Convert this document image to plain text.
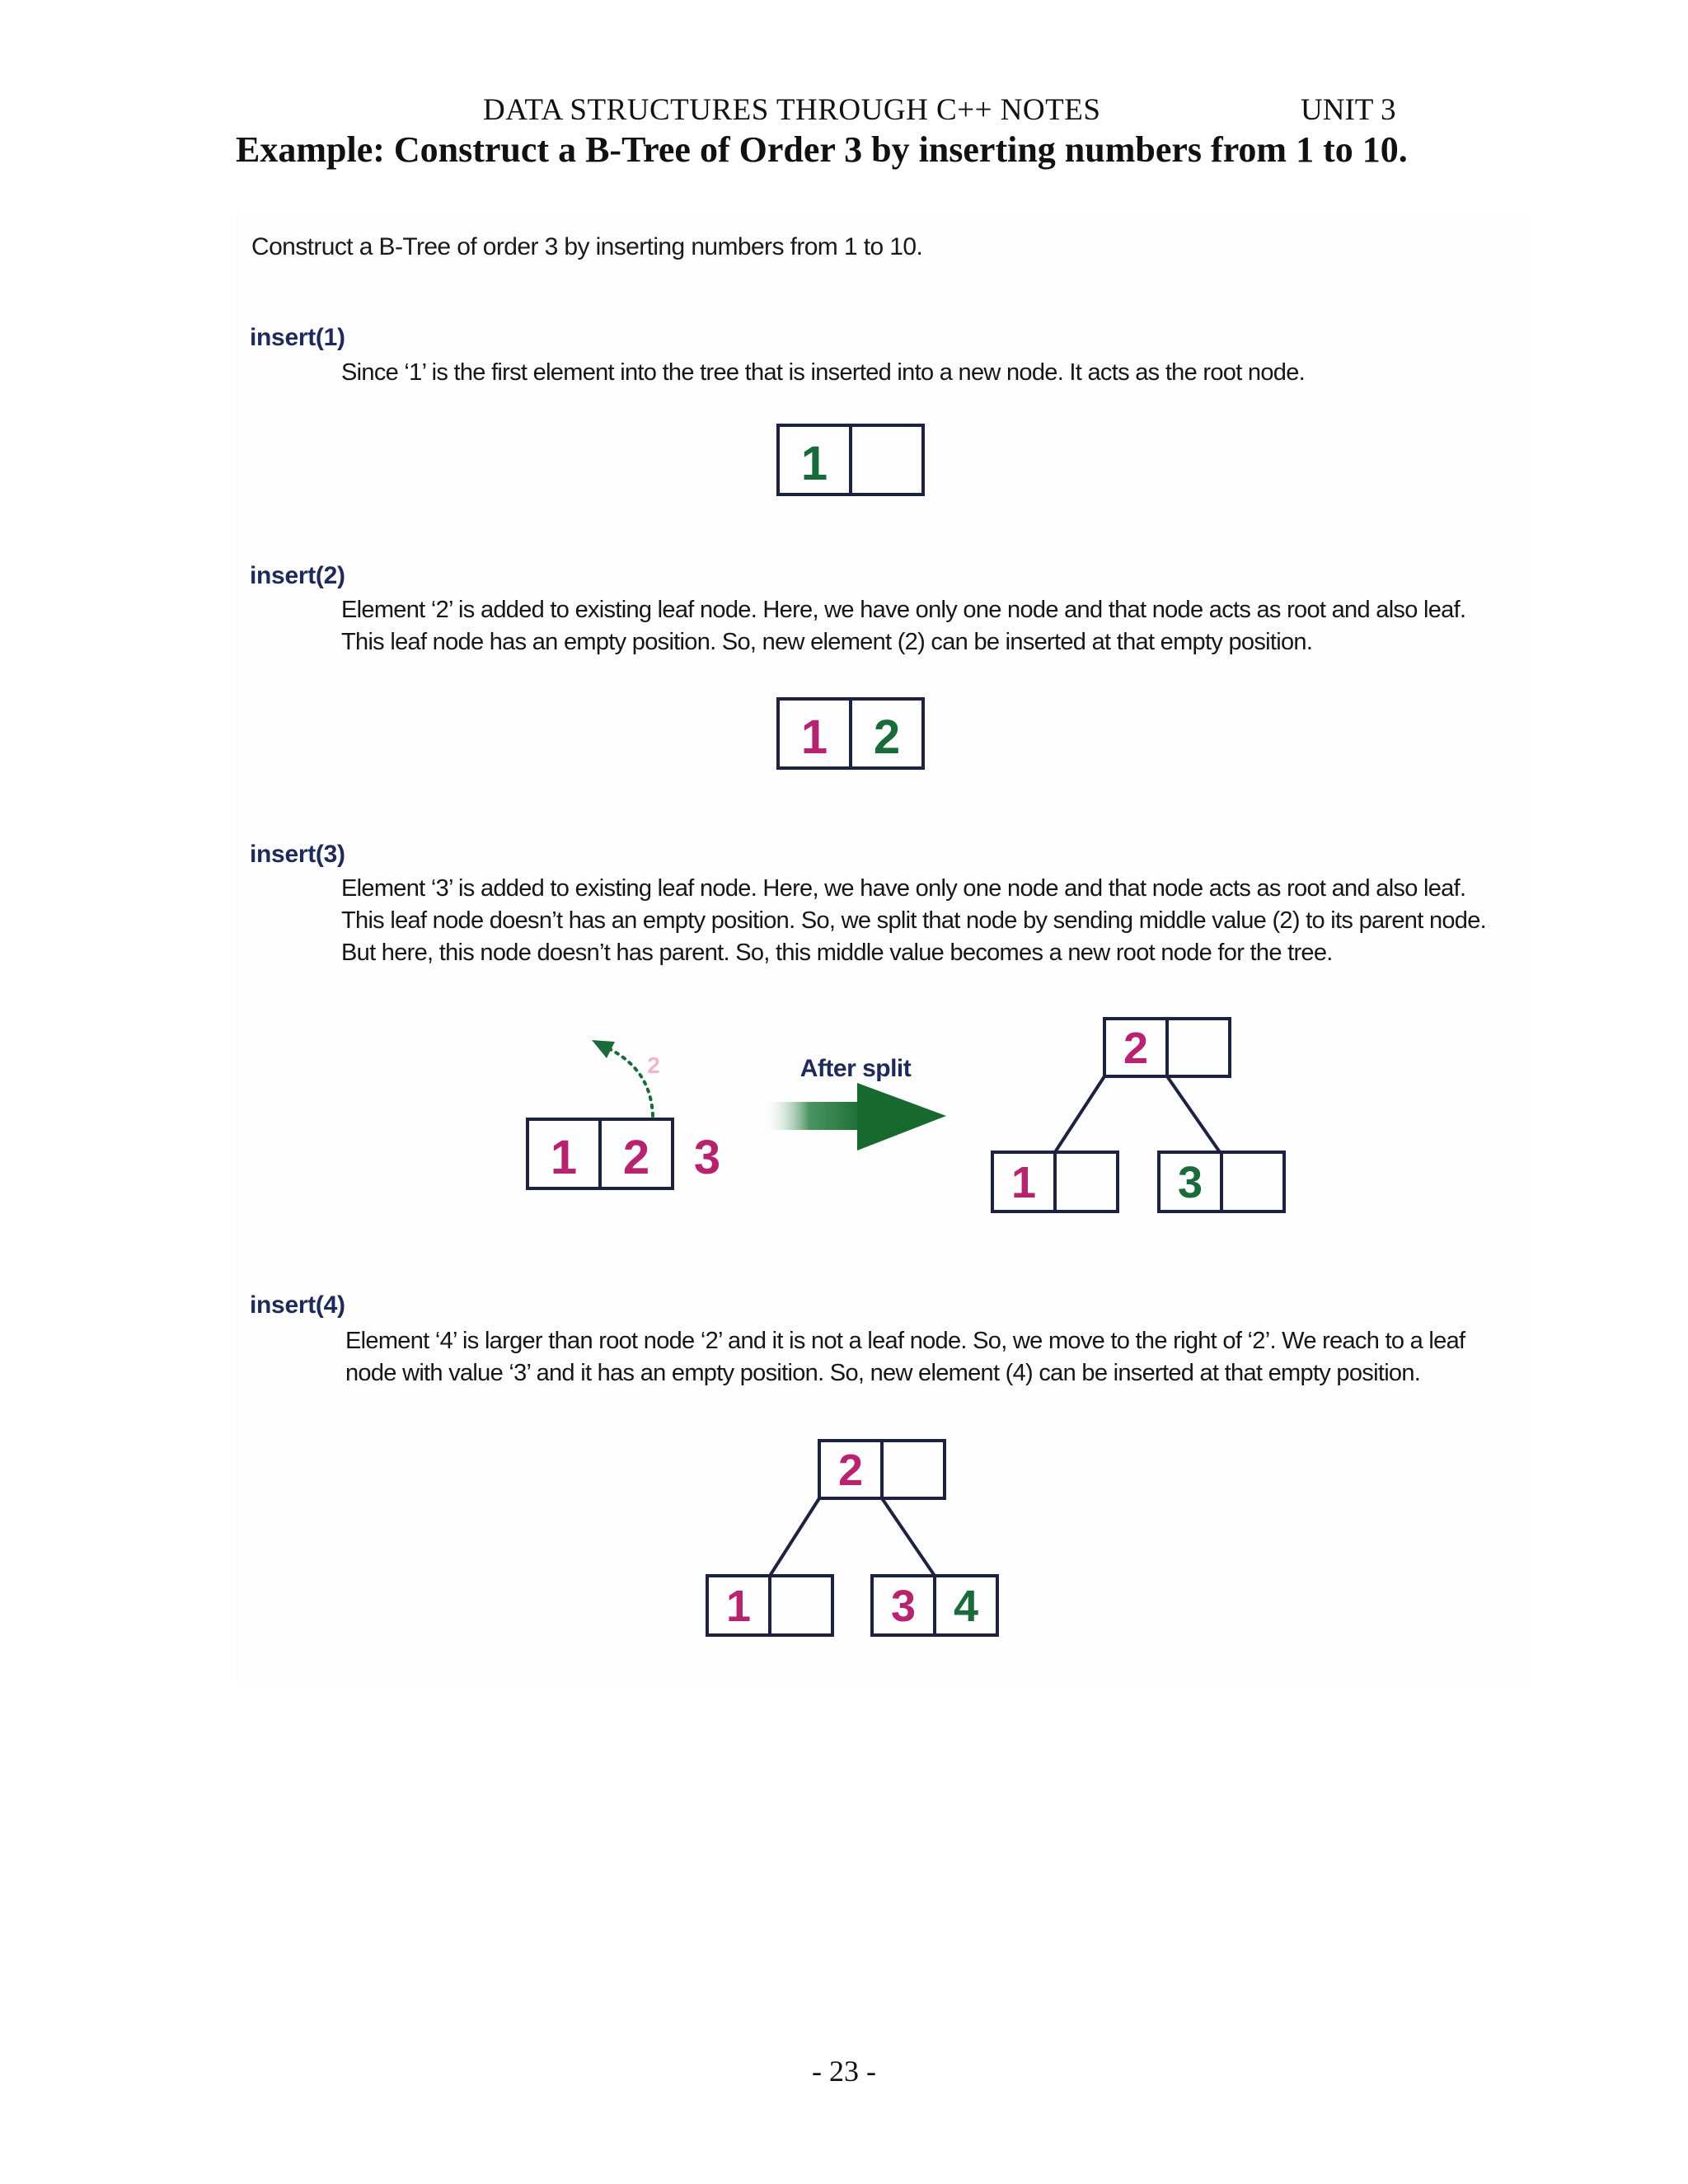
DATA STRUCTURES THROUGH C++ NOTES	UNIT 3
Example: Construct a B-Tree of Order 3 by inserting numbers from 1 to 10.
Construct a B-Tree of order 3 by inserting numbers from 1 to 10.
insert(1)
Since ‘1’ is the first element into the tree that is inserted into a new node. It acts as the root node.
insert(2)
Element ‘2’ is added to existing leaf node. Here, we have only one node and that node acts as root and also leaf. This leaf node has an empty position. So, new element (2) can be inserted at that empty position.
insert(3)
Element ‘3’ is added to existing leaf node. Here, we have only one node and that node acts as root and also leaf. This leaf node doesn’t has an empty position. So, we split that node by sending middle value (2) to its parent node. But here, this node doesn’t has parent. So, this middle value becomes a new root node for the tree.
insert(4)
Element ‘4’ is larger than root node ‘2’ and it is not a leaf node. So, we move to the right of ‘2’. We reach to a leaf node with value ‘3’ and it has an empty position. So, new element (4) can be inserted at that empty position.
1
1 2
1 2 3
2	After split	2
1	3
2
1	3 4
- 23 -
